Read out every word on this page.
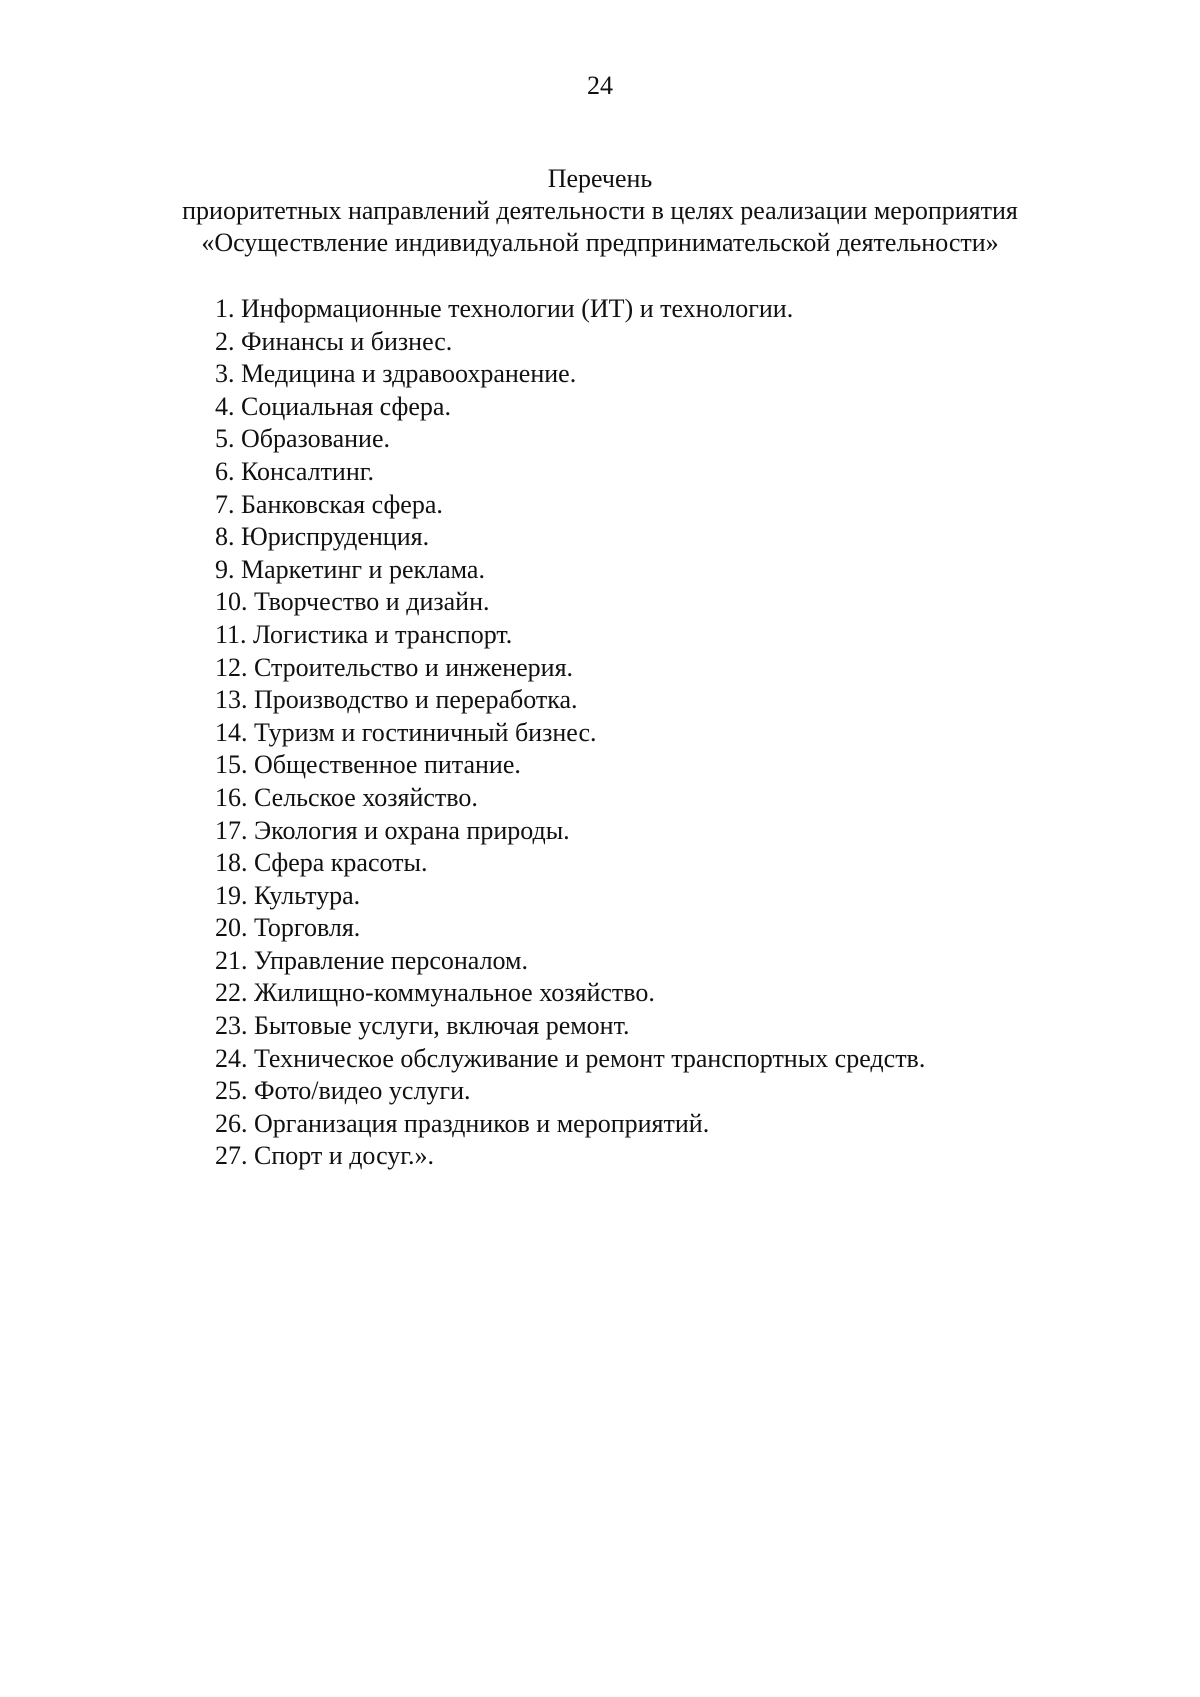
24
Перечень
приоритетных направлений деятельности в целях реализации мероприятия
«Осуществление индивидуальной предпринимательской деятельности»
1. Информационные технологии (ИТ) и технологии.
2. Финансы и бизнес.
3. Медицина и здравоохранение.
4. Социальная сфера.
5. Образование.
6. Консалтинг.
7. Банковская сфера.
8. Юриспруденция.
9. Маркетинг и реклама.
10. Творчество и дизайн.
11. Логистика и транспорт.
12. Строительство и инженерия.
13. Производство и переработка.
14. Туризм и гостиничный бизнес.
15. Общественное питание.
16. Сельское хозяйство.
17. Экология и охрана природы.
18. Сфера красоты.
19. Культура.
20. Торговля.
21. Управление персоналом.
22. Жилищно-коммунальное хозяйство.
23. Бытовые услуги, включая ремонт.
24. Техническое обслуживание и ремонт транспортных средств.
25. Фото/видео услуги.
26. Организация праздников и мероприятий.
27. Спорт и досуг.».
